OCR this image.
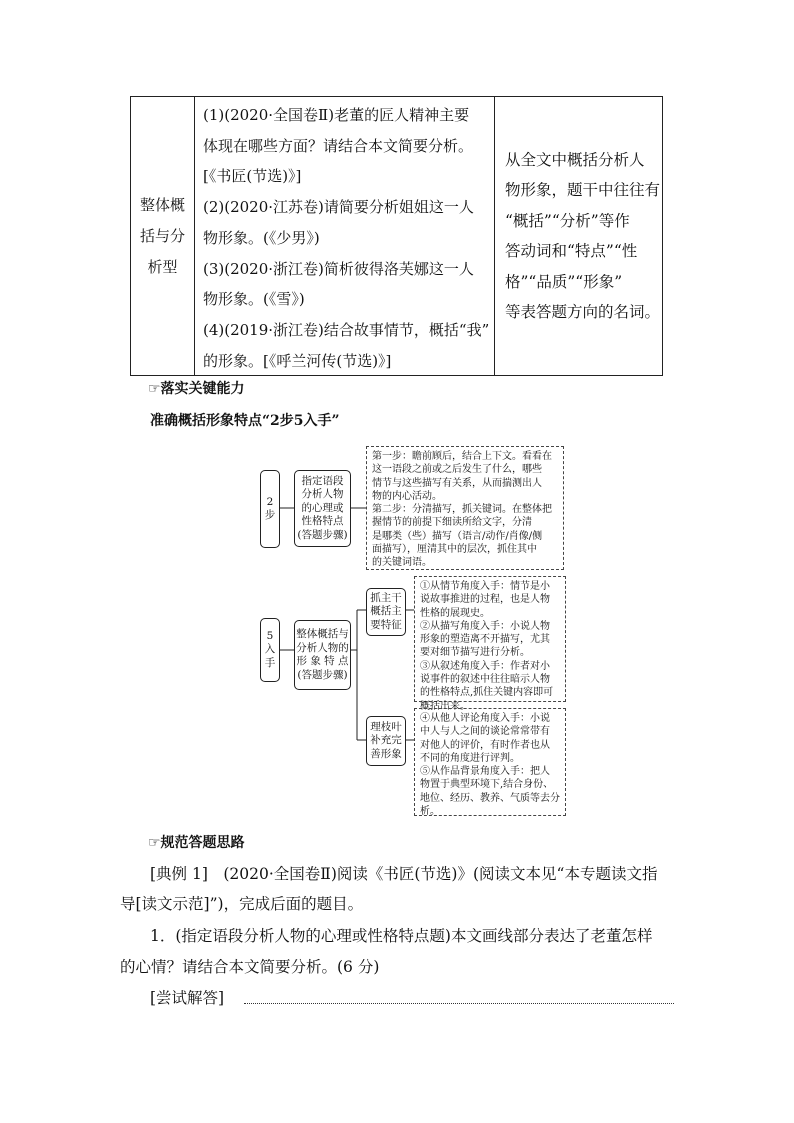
整体概
括与分
析型
(1)(2020·全国卷Ⅱ)老董的匠人精神主要
体现在哪些方面？请结合本文简要分析。
[《书匠(节选)》]
(2)(2020·江苏卷)请简要分析姐姐这一人
物形象。(《少男》)
(3)(2020·浙江卷)简析彼得洛芙娜这一人
物形象。(《雪》)
(4)(2019·浙江卷)结合故事情节，概括“我”
的形象。[《呼兰河传(节选)》]
从全文中概括分析人
物形象，题干中往往有
“概括”“分析”等作
答动词和“特点”“性
格”“品质”“形象”
等表答题方向的名词。
☞落实关键能力
准确概括形象特点“2步5入手”
2
步
指定语段
分析人物
的心理或
性格特点
(答题步骤)
第一步：瞻前顾后，结合上下文。看看在
这一语段之前或之后发生了什么，哪些
情节与这些描写有关系，从而揣测出人
物的内心活动。
第二步：分清描写，抓关键词。在整体把
握情节的前提下细读所给文字，分清
是哪类（些）描写（语言/动作/肖像/侧
面描写），厘清其中的层次，抓住其中
的关键词语。
5
入
手
整体概括与
分析人物的
形 象 特 点
(答题步骤)
抓主干
概括主
要特征
①从情节角度入手：情节是小
说故事推进的过程，也是人物
性格的展现史。
②从描写角度入手：小说人物
形象的塑造离不开描写，尤其
要对细节描写进行分析。
③从叙述角度入手：作者对小
说事件的叙述中往往暗示人物
的性格特点,抓住关键内容即可
概括出来。
理枝叶
补充完
善形象
④从他人评论角度入手：小说
中人与人之间的谈论常常带有
对他人的评价，有时作者也从
不同的角度进行评判。
⑤从作品背景角度入手：把人
物置于典型环境下,结合身份、
地位、经历、教养、气质等去分
析。
☞规范答题思路
[典例 1]　(2020·全国卷Ⅱ)阅读《书匠(节选)》(阅读文本见“本专题读文指
导[读文示范]”)，完成后面的题目。
1．(指定语段分析人物的心理或性格特点题)本文画线部分表达了老董怎样
的心情？请结合本文简要分析。(6 分)
[尝试解答]
